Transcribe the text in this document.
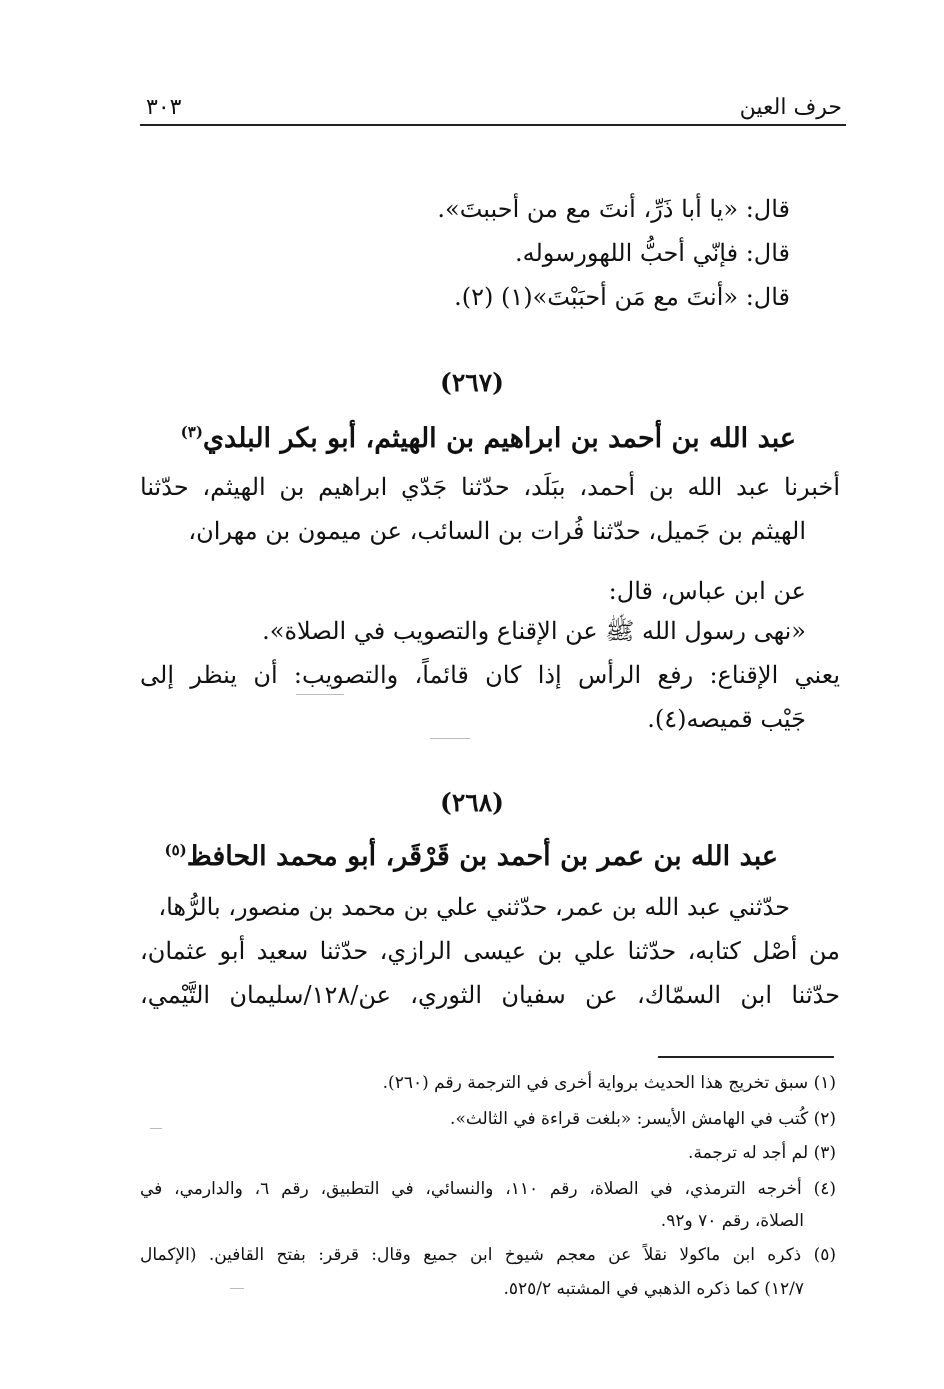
حرف العين
٣٠٣
قال: «يا أبا ذَرِّ، أنتَ مع من أحببتَ».
قال: فإنّي أحبُّ اللهورسوله.
قال: «أنتَ مع مَن أحبَبْتَ»(١) (٢).
(٢٦٧)
عبد الله بن أحمد بن ابراهيم بن الهيثم، أبو بكر البلدي$^{(٣)}$
أخبرنا عبد الله بن أحمد، ببَلَد، حدّثنا جَدّي ابراهيم بن الهيثم، حدّثنا
الهيثم بن جَميل، حدّثنا فُرات بن السائب، عن ميمون بن مهران،
عن ابن عباس، قال:
«نهى رسول الله ﷺ عن الإقناع والتصويب في الصلاة».
يعني الإقناع: رفع الرأس إذا كان قائماً، والتصويب: أن ينظر إلى
جَيْب قميصه(٤).
(٢٦٨)
عبد الله بن عمر بن أحمد بن قَرْقَر، أبو محمد الحافظ$^{(٥)}$
حدّثني عبد الله بن عمر، حدّثني علي بن محمد بن منصور، بالرُّها،
من أصْل كتابه، حدّثنا علي بن عيسى الرازي، حدّثنا سعيد أبو عثمان،
حدّثنا ابن السمّاك، عن سفيان الثوري، عن/١٢٨/سليمان التَّيْمي،
(١) سبق تخريج هذا الحديث برواية أخرى في الترجمة رقم (٢٦٠).
(٢) كُتب في الهامش الأيسر: «بلغت قراءة في الثالث».
(٣) لم أجد له ترجمة.
(٤) أخرجه الترمذي، في الصلاة، رقم ١١٠، والنسائي، في التطبيق، رقم ٦، والدارمي، في
الصلاة، رقم ٧٠ و٩٢.
(٥) ذكره ابن ماكولا نقلاً عن معجم شيوخ ابن جميع وقال: قرقر: بفتح القافين. (الإكمال
١٢/٧) كما ذكره الذهبي في المشتبه ٥٢٥/٢.
